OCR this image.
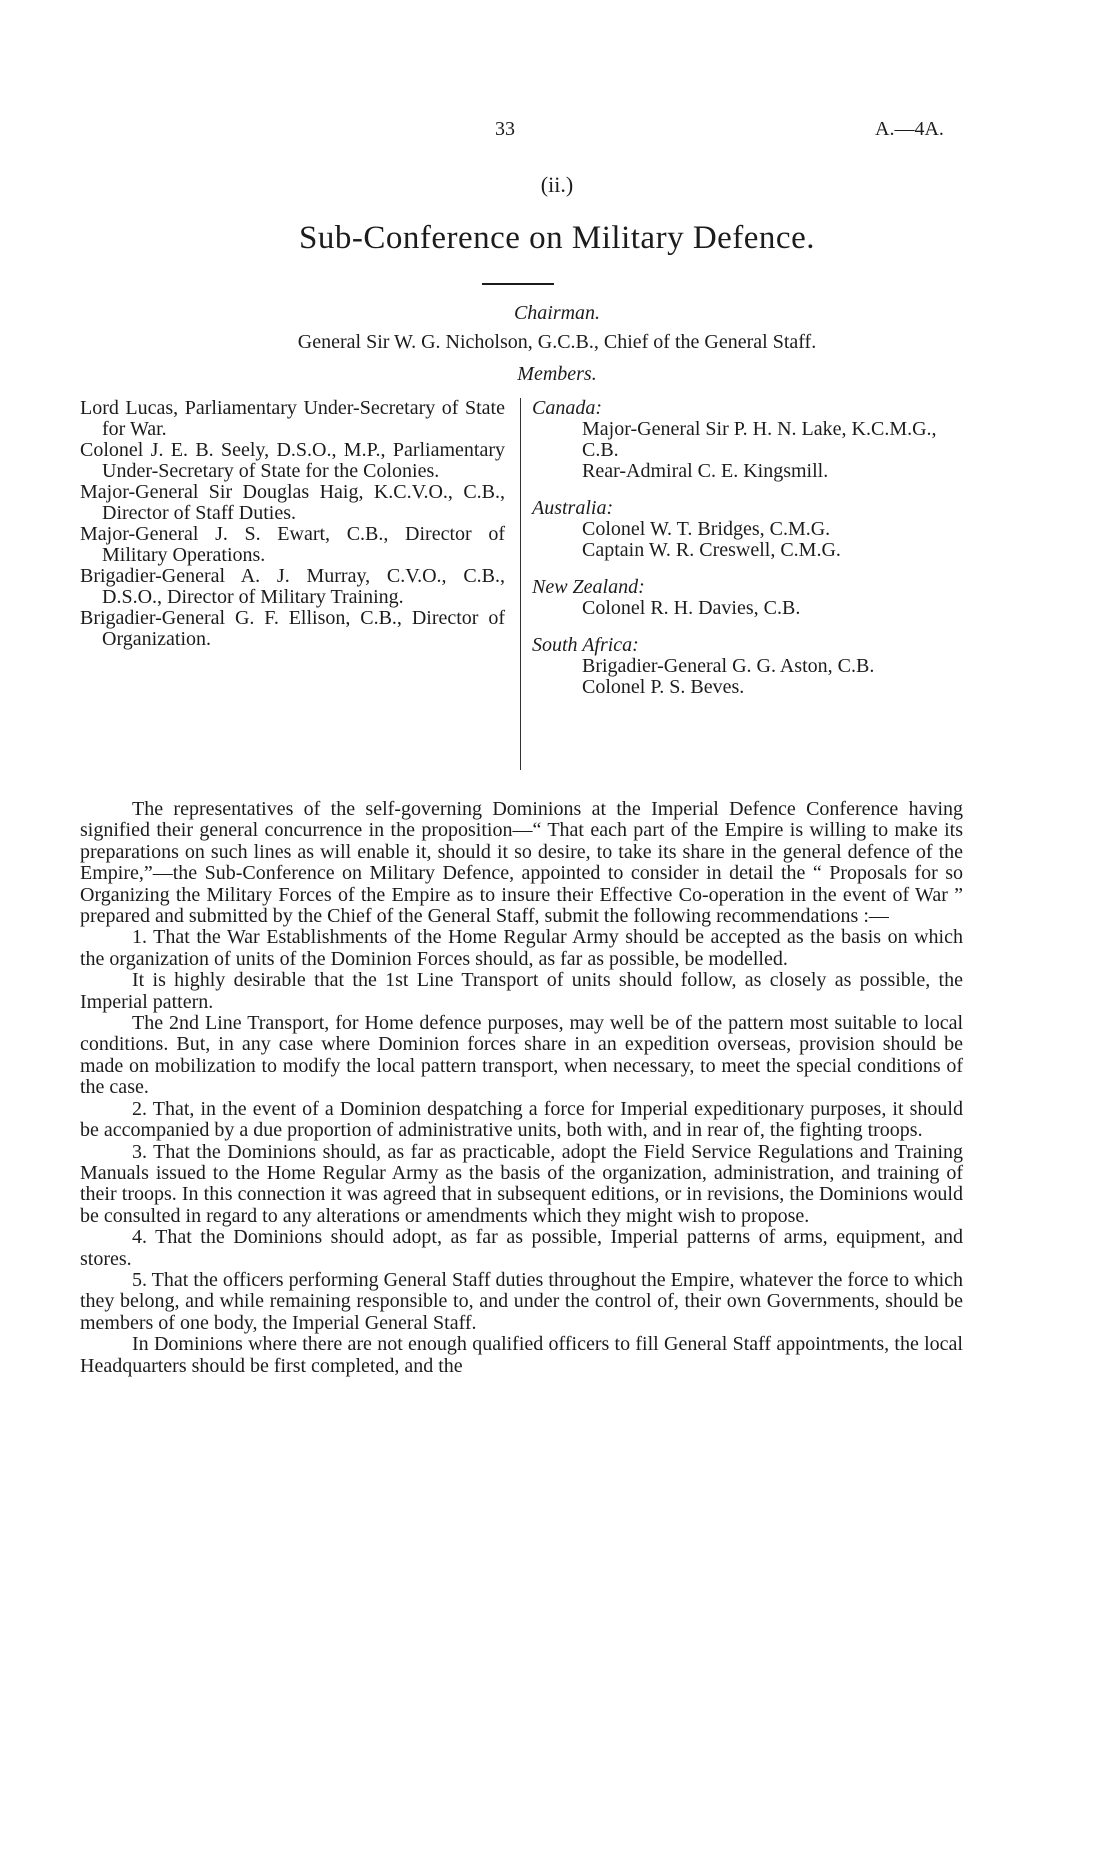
33	A.—4A.
(ii.)
Sub-Conference on Military Defence.
Chairman.
General Sir W. G. Nicholson, G.C.B., Chief of the General Staff.
Members.
Lord Lucas, Parliamentary Under-Secretary of State for War.
Colonel J. E. B. Seely, D.S.O., M.P., Parliamentary Under-Secretary of State for the Colonies.
Major-General Sir Douglas Haig, K.C.V.O., C.B., Director of Staff Duties.
Major-General J. S. Ewart, C.B., Director of Military Operations.
Brigadier-General A. J. Murray, C.V.O., C.B., D.S.O., Director of Military Training.
Brigadier-General G. F. Ellison, C.B., Director of Organization.
Canada:
Major-General Sir P. H. N. Lake, K.C.M.G., C.B.
Rear-Admiral C. E. Kingsmill.
Australia:
Colonel W. T. Bridges, C.M.G.
Captain W. R. Creswell, C.M.G.
New Zealand:
Colonel R. H. Davies, C.B.
South Africa:
Brigadier-General G. G. Aston, C.B.
Colonel P. S. Beves.

The representatives of the self-governing Dominions at the Imperial Defence Conference having signified their general concurrence in the proposition—“ That each part of the Empire is willing to make its preparations on such lines as will enable it, should it so desire, to take its share in the general defence of the Empire,”—the Sub-Conference on Military Defence, appointed to consider in detail the “ Proposals for so Organizing the Military Forces of the Empire as to insure their Effective Co-operation in the event of War ” prepared and submitted by the Chief of the General Staff, submit the following recommendations :—

1. That the War Establishments of the Home Regular Army should be accepted as the basis on which the organization of units of the Dominion Forces should, as far as possible, be modelled.

It is highly desirable that the 1st Line Transport of units should follow, as closely as possible, the Imperial pattern.

The 2nd Line Transport, for Home defence purposes, may well be of the pattern most suitable to local conditions. But, in any case where Dominion forces share in an expedition overseas, provision should be made on mobilization to modify the local pattern transport, when necessary, to meet the special conditions of the case.

2. That, in the event of a Dominion despatching a force for Imperial expeditionary purposes, it should be accompanied by a due proportion of administrative units, both with, and in rear of, the fighting troops.

3. That the Dominions should, as far as practicable, adopt the Field Service Regulations and Training Manuals issued to the Home Regular Army as the basis of the organization, administration, and training of their troops. In this connection it was agreed that in subsequent editions, or in revisions, the Dominions would be consulted in regard to any alterations or amendments which they might wish to propose.

4. That the Dominions should adopt, as far as possible, Imperial patterns of arms, equipment, and stores.

5. That the officers performing General Staff duties throughout the Empire, whatever the force to which they belong, and while remaining responsible to, and under the control of, their own Governments, should be members of one body, the Imperial General Staff.

In Dominions where there are not enough qualified officers to fill General Staff appointments, the local Headquarters should be first completed, and the
